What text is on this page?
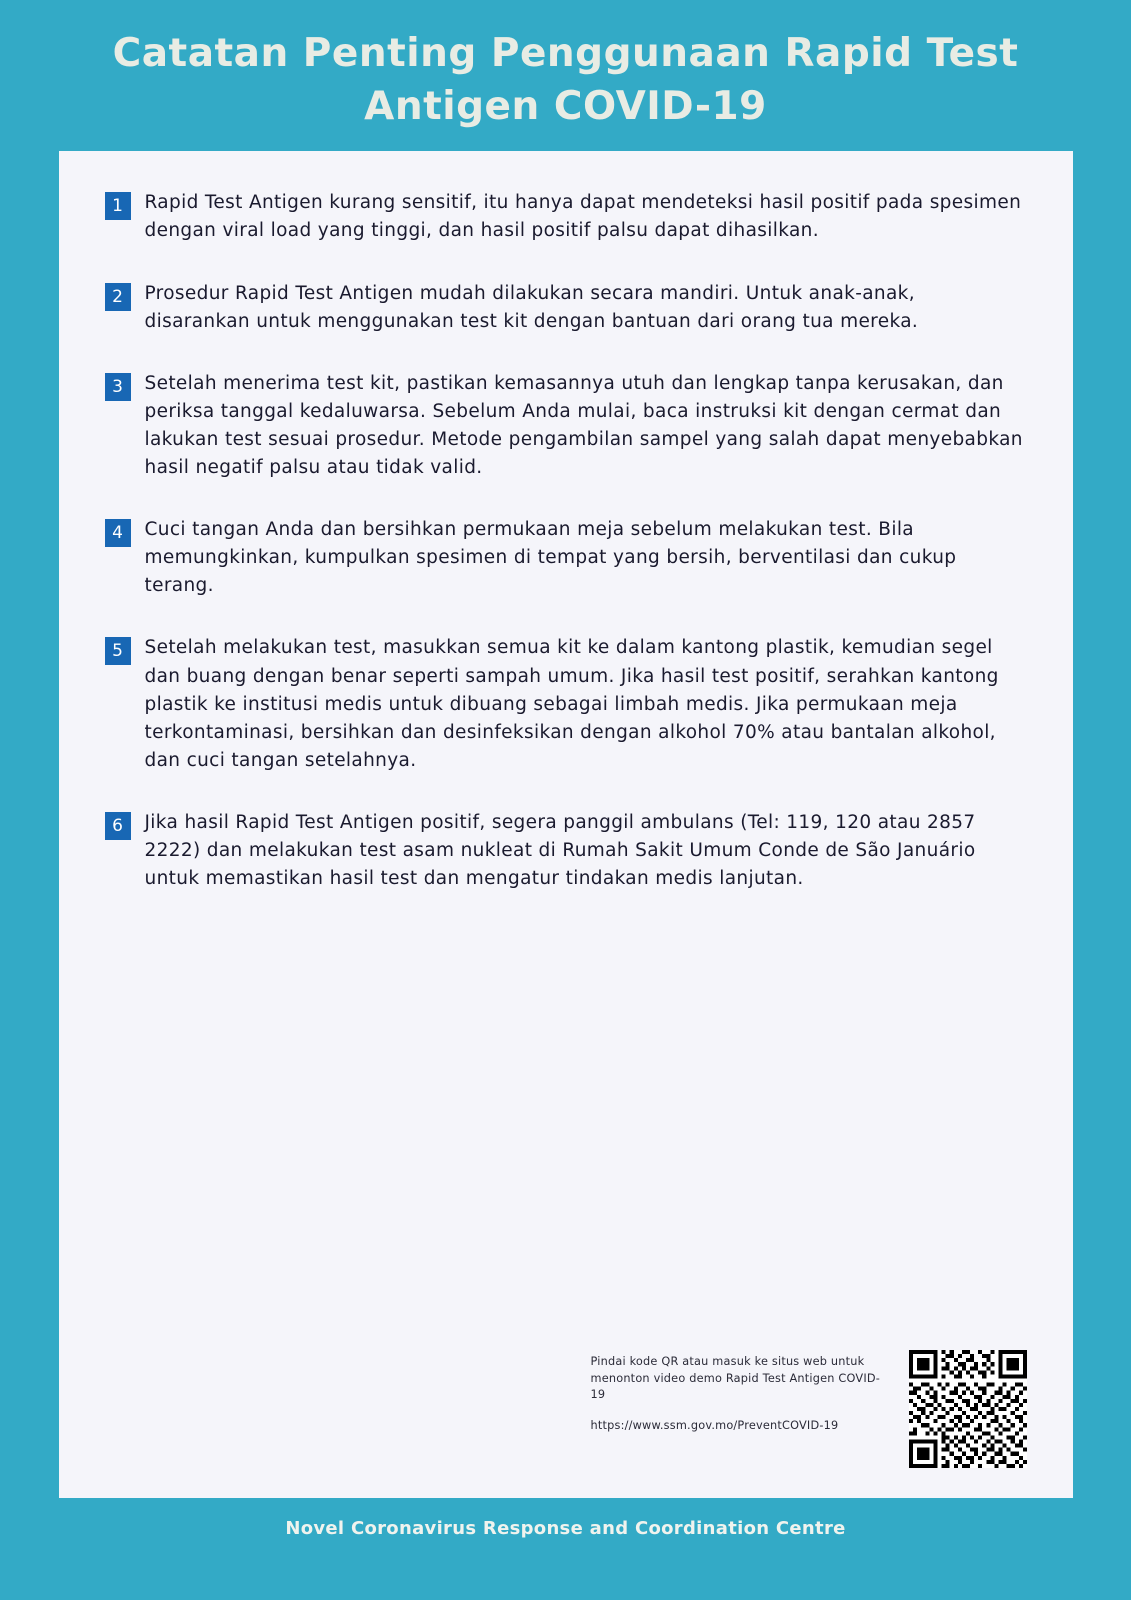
Catatan Penting Penggunaan Rapid Test Antigen COVID-19
1	Rapid Test Antigen kurang sensitif, itu hanya dapat mendeteksi hasil positif pada spesimen dengan viral load yang tinggi, dan hasil positif palsu dapat dihasilkan.
2	Prosedur Rapid Test Antigen mudah dilakukan secara mandiri. Untuk anak-anak, disarankan untuk menggunakan test kit dengan bantuan dari orang tua mereka.
3	Setelah menerima test kit, pastikan kemasannya utuh dan lengkap tanpa kerusakan, dan periksa tanggal kedaluwarsa. Sebelum Anda mulai, baca instruksi kit dengan cermat dan lakukan test sesuai prosedur. Metode pengambilan sampel yang salah dapat menyebabkan hasil negatif palsu atau tidak valid.
4	Cuci tangan Anda dan bersihkan permukaan meja sebelum melakukan test. Bila memungkinkan, kumpulkan spesimen di tempat yang bersih, berventilasi dan cukup terang.
5	Setelah melakukan test, masukkan semua kit ke dalam kantong plastik, kemudian segel dan buang dengan benar seperti sampah umum. Jika hasil test positif, serahkan kantong plastik ke institusi medis untuk dibuang sebagai limbah medis. Jika permukaan meja terkontaminasi, bersihkan dan desinfeksikan dengan alkohol 70% atau bantalan alkohol, dan cuci tangan setelahnya.
6	Jika hasil Rapid Test Antigen positif, segera panggil ambulans (Tel: 119, 120 atau 2857 2222) dan melakukan test asam nukleat di Rumah Sakit Umum Conde de São Januário untuk memastikan hasil test dan mengatur tindakan medis lanjutan.
Pindai kode QR atau masuk ke situs web untuk menonton video demo Rapid Test Antigen COVID-19
https://www.ssm.gov.mo/PreventCOVID-19
Novel Coronavirus Response and Coordination Centre
